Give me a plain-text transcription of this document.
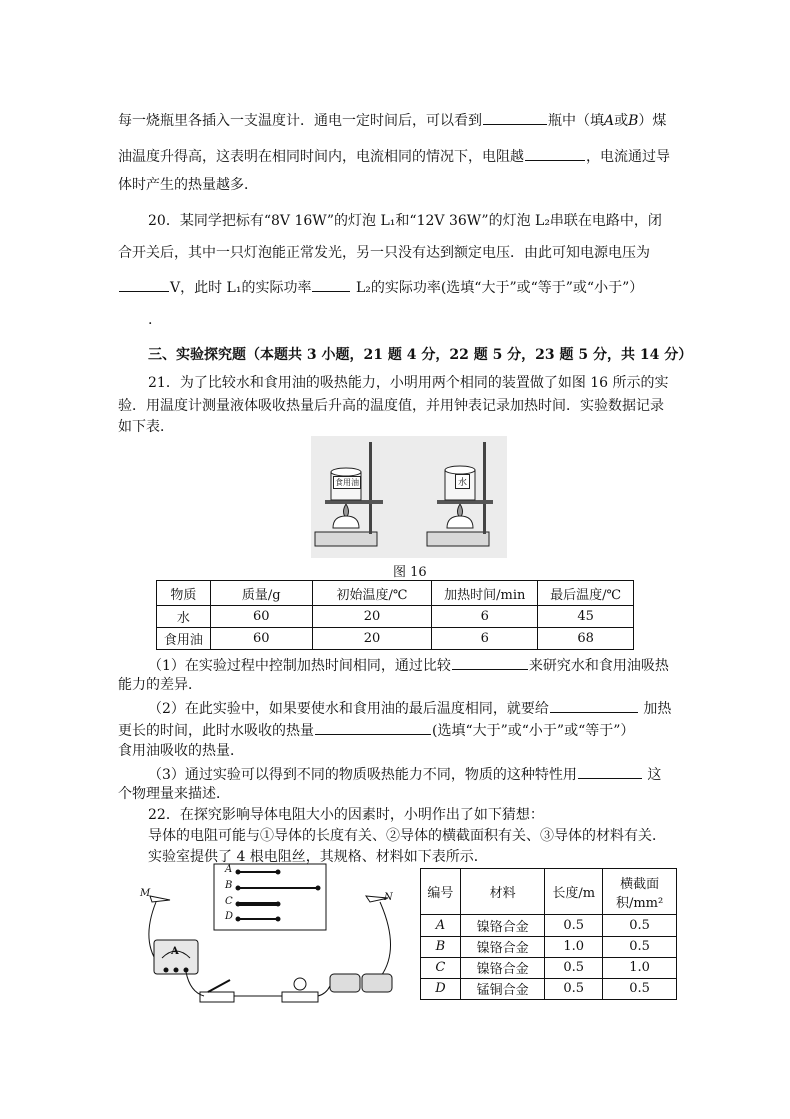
每一烧瓶里各插入一支温度计．通电一定时间后，可以看到	瓶中（填A或B）煤
油温度升得高，这表明在相同时间内，电流相同的情况下，电阻越	，电流通过导
体时产生的热量越多．
20．某同学把标有“8V 16W”的灯泡 L₁和“12V 36W”的灯泡 L₂串联在电路中，闭
合开关后，其中一只灯泡能正常发光，另一只没有达到额定电压．由此可知电源电压为
V，此时 L₁的实际功率	L₂的实际功率(选填“大于”或“等于”或“小于”）
.
三、实验探究题（本题共 3 小题，21 题 4 分，22 题 5 分，23 题 5 分，共 14 分）
21．为了比较水和食用油的吸热能力，小明用两个相同的装置做了如图 16 所示的实
验．用温度计测量液体吸收热量后升高的温度值，并用钟表记录加热时间．实验数据记录
如下表．
食用油	水
图 16
物质	质量/g	初始温度/℃	加热时间/min	最后温度/℃
水	60	20	6	45
食用油	60	20	6	68
（1）在实验过程中控制加热时间相同，通过比较	来研究水和食用油吸热
能力的差异．
（2）在此实验中，如果要使水和食用油的最后温度相同，就要给	加热
更长的时间，此时水吸收的热量	(选填“大于”或“小于”或“等于”）
食用油吸收的热量．
（3）通过实验可以得到不同的物质吸热能力不同，物质的这种特性用	这
个物理量来描述．
22．在探究影响导体电阻大小的因素时，小明作出了如下猜想：
导体的电阻可能与①导体的长度有关、②导体的横截面积有关、③导体的材料有关．
实验室提供了 4 根电阻丝，其规格、材料如下表所示．
A
B
C
D
M	N
A
编号	材料	长度/m	横截面积/mm²
A	镍铬合金	0.5	0.5
B	镍铬合金	1.0	0.5
C	镍铬合金	0.5	1.0
D	锰铜合金	0.5	0.5
